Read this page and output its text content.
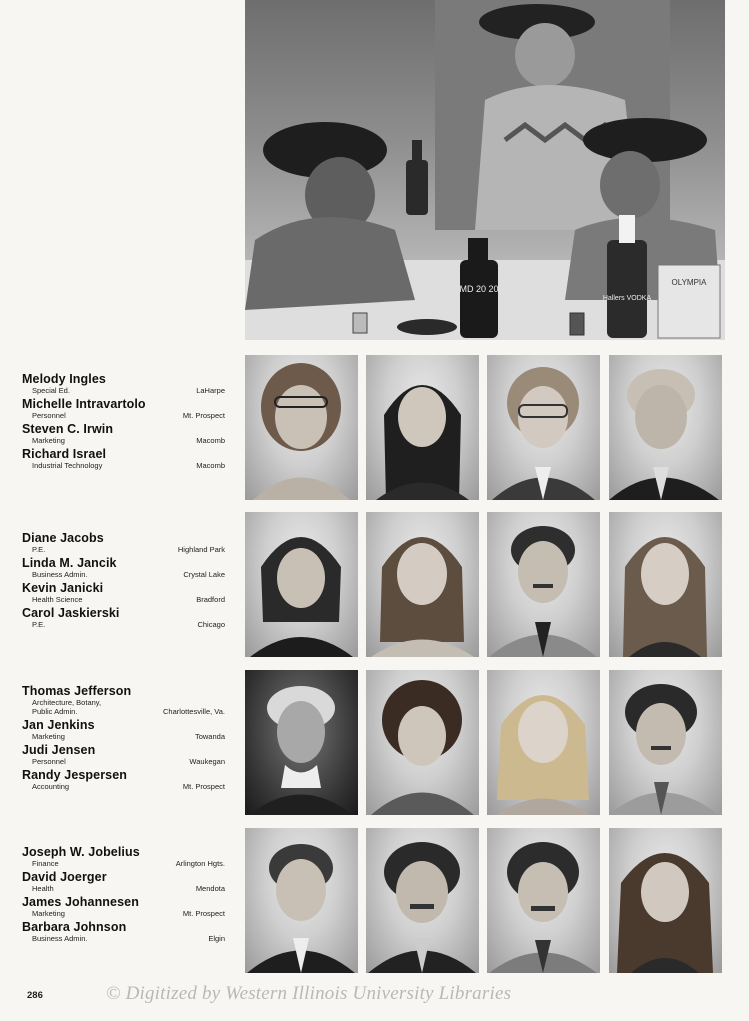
MD 20 20
Hallers VODKA
OLYMPIA
Melody Ingles
LaHarpe
Special Ed.
Michelle Intravartolo
Mt. Prospect
Personnel
Steven C. Irwin
Macomb
Marketing
Richard Israel
Macomb
Industrial Technology
Diane Jacobs
Highland Park
P.E.
Linda M. Jancik
Crystal Lake
Business Admin.
Kevin Janicki
Bradford
Health Science
Carol Jaskierski
Chicago
P.E.
Thomas Jefferson
Charlottesville, Va.
Architecture, Botany,
Public Admin.
Jan Jenkins
Towanda
Marketing
Judi Jensen
Waukegan
Personnel
Randy Jespersen
Mt. Prospect
Accounting
Joseph W. Jobelius
Arlington Hgts.
Finance
David Joerger
Mendota
Health
James Johannesen
Mt. Prospect
Marketing
Barbara Johnson
Elgin
Business Admin.
286	© Digitized by Western Illinois University Libraries
